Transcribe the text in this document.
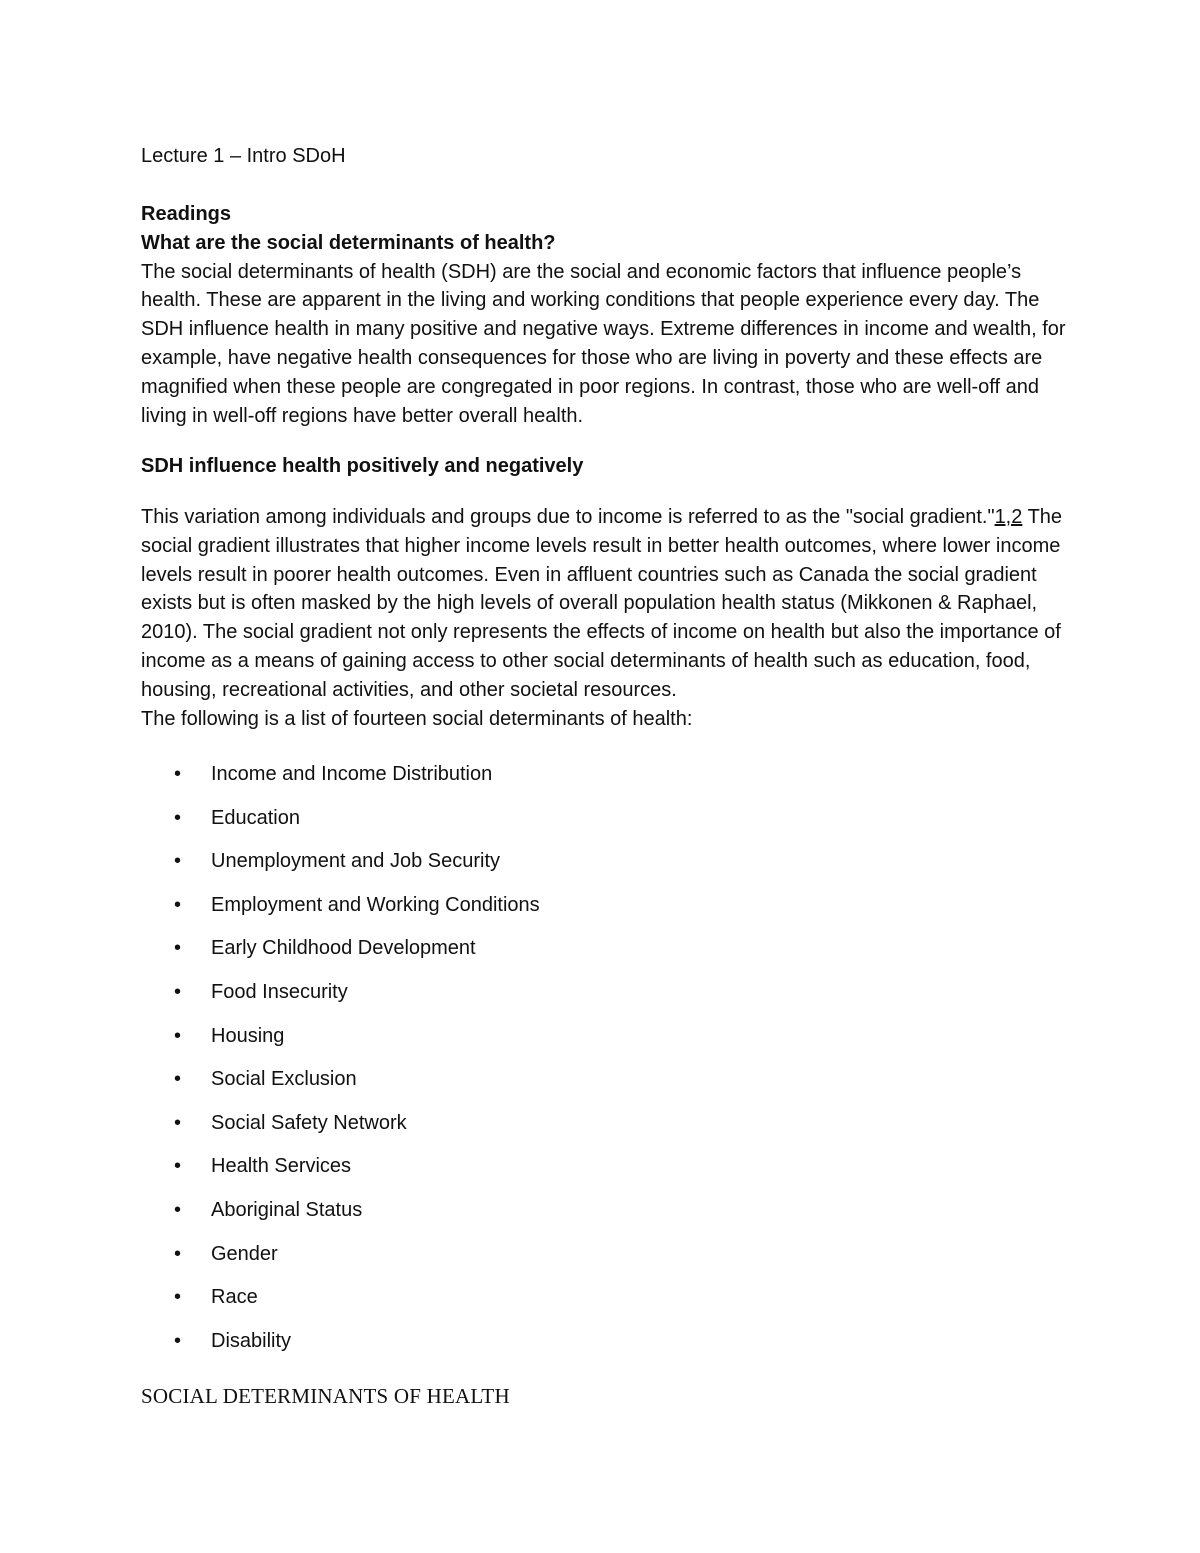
Lecture 1 – Intro SDoH
Readings
What are the social determinants of health?

The social determinants of health (SDH) are the social and economic factors that influence people’s health. These are apparent in the living and working conditions that people experience every day. The SDH influence health in many positive and negative ways. Extreme differences in income and wealth, for example, have negative health consequences for those who are living in poverty and these effects are magnified when these people are congregated in poor regions. In contrast, those who are well-off and living in well-off regions have better overall health.

SDH influence health positively and negatively

This variation among individuals and groups due to income is referred to as the "social gradient."1,2 The social gradient illustrates that higher income levels result in better health outcomes, where lower income levels result in poorer health outcomes. Even in affluent countries such as Canada the social gradient exists but is often masked by the high levels of overall population health status (Mikkonen & Raphael, 2010). The social gradient not only represents the effects of income on health but also the importance of income as a means of gaining access to other social determinants of health such as education, food, housing, recreational activities, and other societal resources.

The following is a list of fourteen social determinants of health:

• Income and Income Distribution
• Education
• Unemployment and Job Security
• Employment and Working Conditions
• Early Childhood Development
• Food Insecurity
• Housing
• Social Exclusion
• Social Safety Network
• Health Services
• Aboriginal Status
• Gender
• Race
• Disability
SOCIAL DETERMINANTS OF HEALTH
